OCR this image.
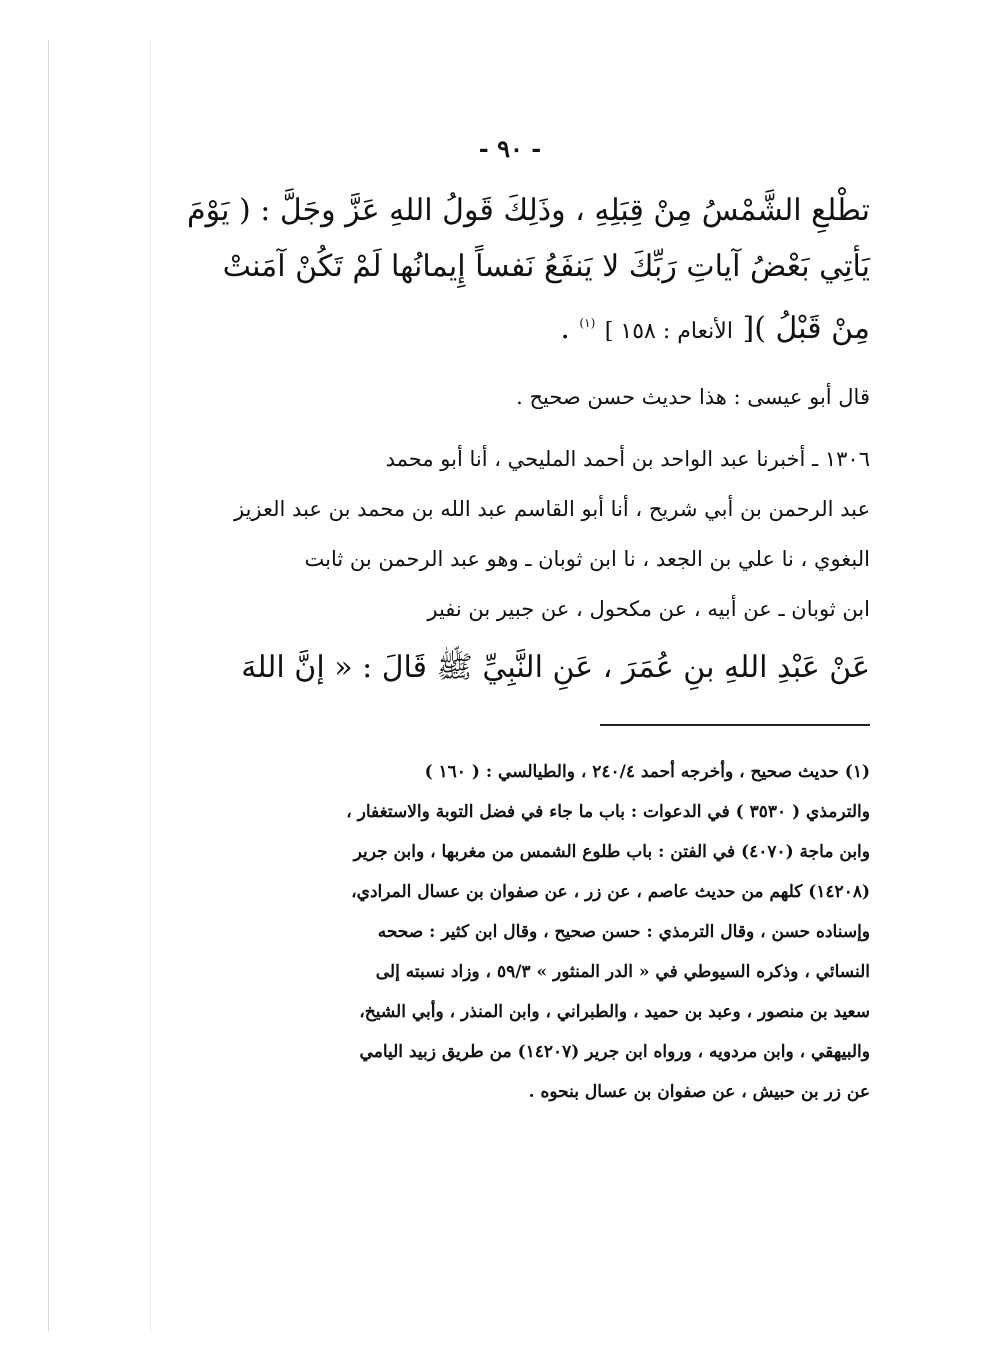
- ٩٠ -
تطْلعِ الشَّمْسُ مِنْ قِبَلِهِ ، وذَلِكَ قَولُ اللهِ عَزَّ وجَلَّ : ( يَوْمَ
يَأتِي بَعْضُ آياتِ رَبِّكَ لا يَنفَعُ نَفساً إِيمانُها لَمْ تَكُنْ آمَنتْ
مِنْ قَبْلُ )[ الأنعام : ١٥٨ ] $^{(١)}$ .

قال أبو عيسى : هذا حديث حسن صحيح .

١٣٠٦ ـ أخبرنا عبد الواحد بن أحمد المليحي ، أنا أبو محمد
عبد الرحمن بن أبي شريح ، أنا أبو القاسم عبد الله بن محمد بن عبد العزيز
البغوي ، نا علي بن الجعد ، نا ابن ثوبان ـ وهو عبد الرحمن بن ثابت
ابن ثوبان ـ عن أبيه ، عن مكحول ، عن جبير بن نفير

عَنْ عَبْدِ اللهِ بنِ عُمَرَ ، عَنِ النَّبِيِّ ﷺ قَالَ : « إنَّ اللهَ

(١) حديث صحيح ، وأخرجه أحمد ٢٤٠/٤ ، والطيالسي : ( ١٦٠ )
والترمذي ( ٣٥٣٠ ) في الدعوات : باب ما جاء في فضل التوبة والاستغفار ،
وابن ماجة (٤٠٧٠) في الفتن : باب طلوع الشمس من مغربها ، وابن جرير
(١٤٢٠٨) كلهم من حديث عاصم ، عن زر ، عن صفوان بن عسال المرادي،
وإسناده حسن ، وقال الترمذي : حسن صحيح ، وقال ابن كثير : صححه
النسائي ، وذكره السيوطي في « الدر المنثور » ٥٩/٣ ، وزاد نسبته إلى
سعيد بن منصور ، وعبد بن حميد ، والطبراني ، وابن المنذر ، وأبي الشيخ،
والبيهقي ، وابن مردويه ، ورواه ابن جرير (١٤٢٠٧) من طريق زبيد اليامي
عن زر بن حبيش ، عن صفوان بن عسال بنحوه .
